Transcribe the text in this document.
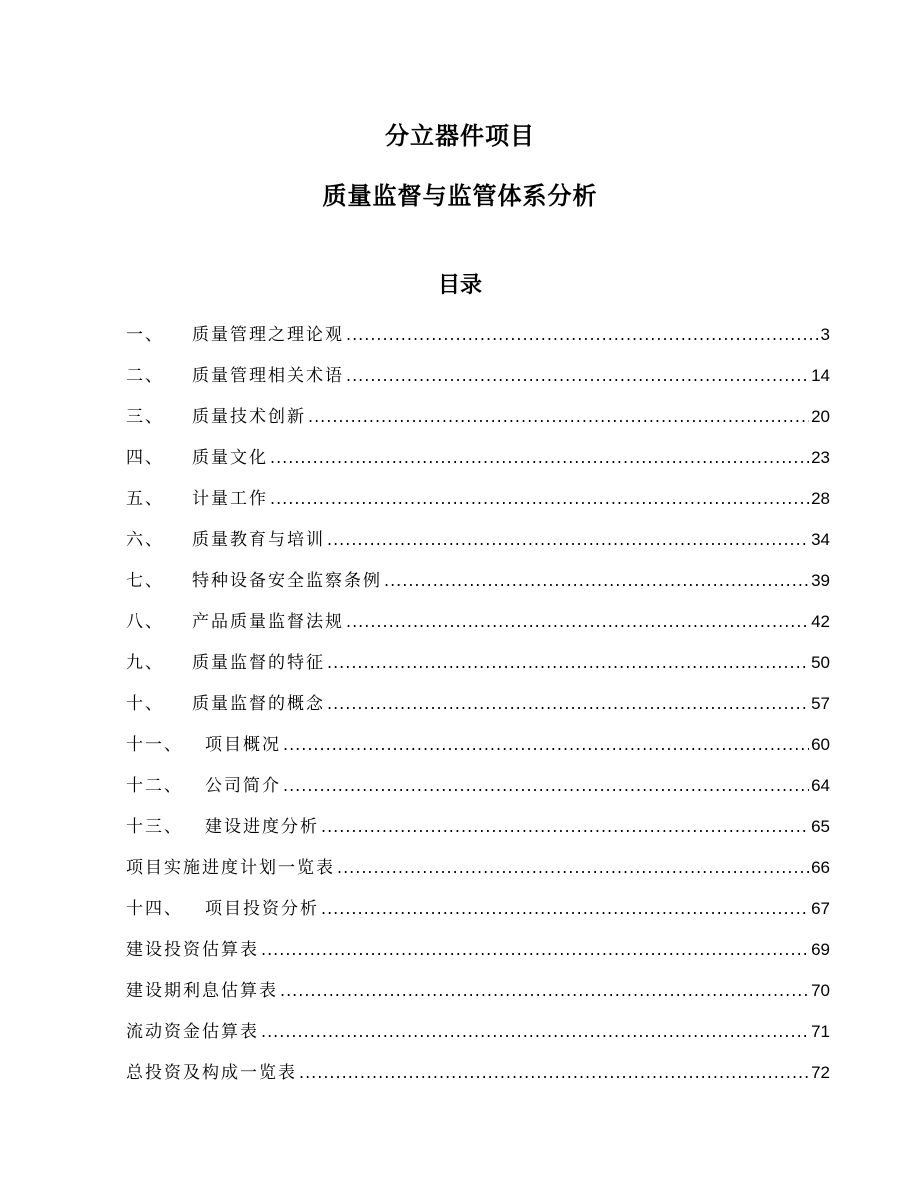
分立器件项目
质量监督与监管体系分析
目录
一、 质量管理之理论观 .....	3
二、 质量管理相关术语 .....	14
三、 质量技术创新 .....	20
四、 质量文化 .....	23
五、 计量工作 .....	28
六、 质量教育与培训 .....	34
七、 特种设备安全监察条例 .....	39
八、 产品质量监督法规 .....	42
九、 质量监督的特征 .....	50
十、 质量监督的概念 .....	57
十一、 项目概况 .....	60
十二、 公司简介 .....	64
十三、 建设进度分析 .....	65
项目实施进度计划一览表 .....	66
十四、 项目投资分析 .....	67
建设投资估算表 .....	69
建设期利息估算表 .....	70
流动资金估算表 .....	71
总投资及构成一览表 .....	72
